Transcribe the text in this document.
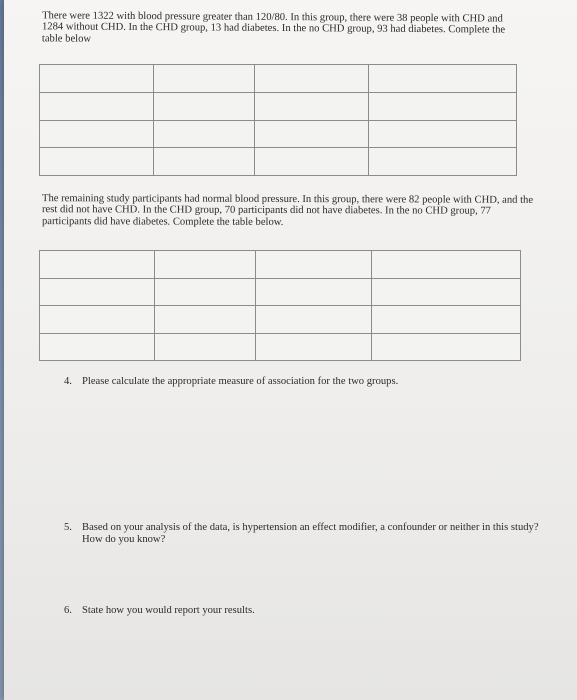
There were 1322 with blood pressure greater than 120/80. In this group, there were 38 people with CHD and 1284 without CHD. In the CHD group, 13 had diabetes. In the no CHD group, 93 had diabetes. Complete the table below

The remaining study participants had normal blood pressure. In this group, there were 82 people with CHD, and the rest did not have CHD. In the CHD group, 70 participants did not have diabetes. In the no CHD group, 77 participants did have diabetes. Complete the table below.

4. Please calculate the appropriate measure of association for the two groups.
5. Based on your analysis of the data, is hypertension an effect modifier, a confounder or neither in this study? How do you know?
6. State how you would report your results.
